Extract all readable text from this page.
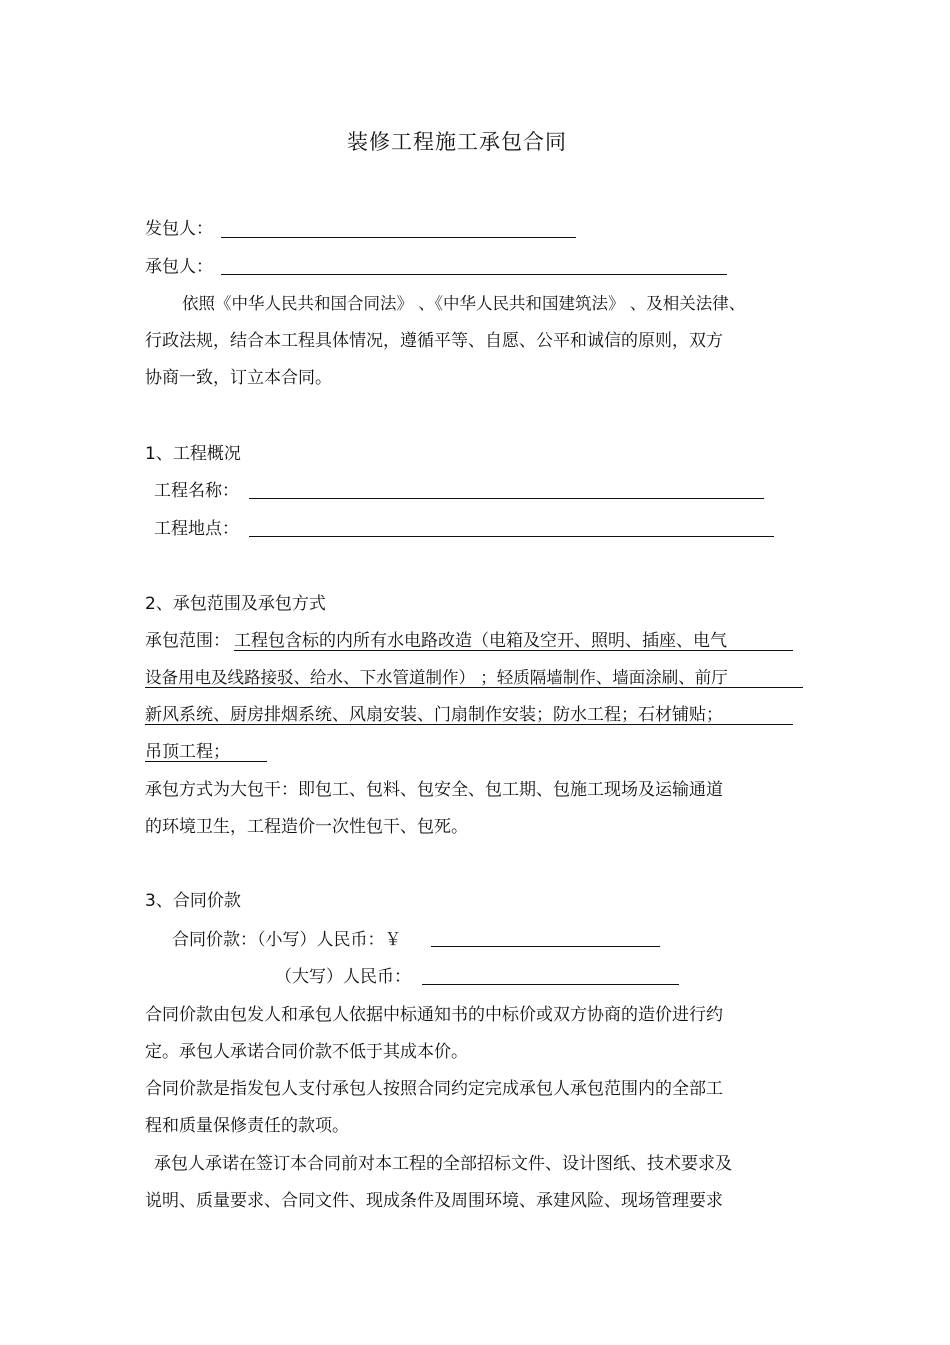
装修工程施工承包合同
发包人：
承包人：
依照《中华人民共和国合同法》 、《中华人民共和国建筑法》 、及相关法律、
行政法规，结合本工程具体情况，遵循平等、自愿、公平和诚信的原则，双方
协商一致，订立本合同。
1、工程概况
工程名称：
工程地点：
2、承包范围及承包方式
承包范围： 工程包含标的内所有水电路改造（电箱及空开、照明、插座、电气
设备用电及线路接驳、给水、下水管道制作） ；轻质隔墙制作、墙面涂刷、前厅
新风系统、厨房排烟系统、风扇安装、门扇制作安装；防水工程；石材铺贴；
吊顶工程；
承包方式为大包干：即包工、包料、包安全、包工期、包施工现场及运输通道
的环境卫生，工程造价一次性包干、包死。
3、合同价款
合同价款：（小写）人民币：￥
（大写）人民币：
合同价款由包发人和承包人依据中标通知书的中标价或双方协商的造价进行约
定。承包人承诺合同价款不低于其成本价。
合同价款是指发包人支付承包人按照合同约定完成承包人承包范围内的全部工
程和质量保修责任的款项。
承包人承诺在签订本合同前对本工程的全部招标文件、设计图纸、技术要求及
说明、质量要求、合同文件、现成条件及周围环境、承建风险、现场管理要求
